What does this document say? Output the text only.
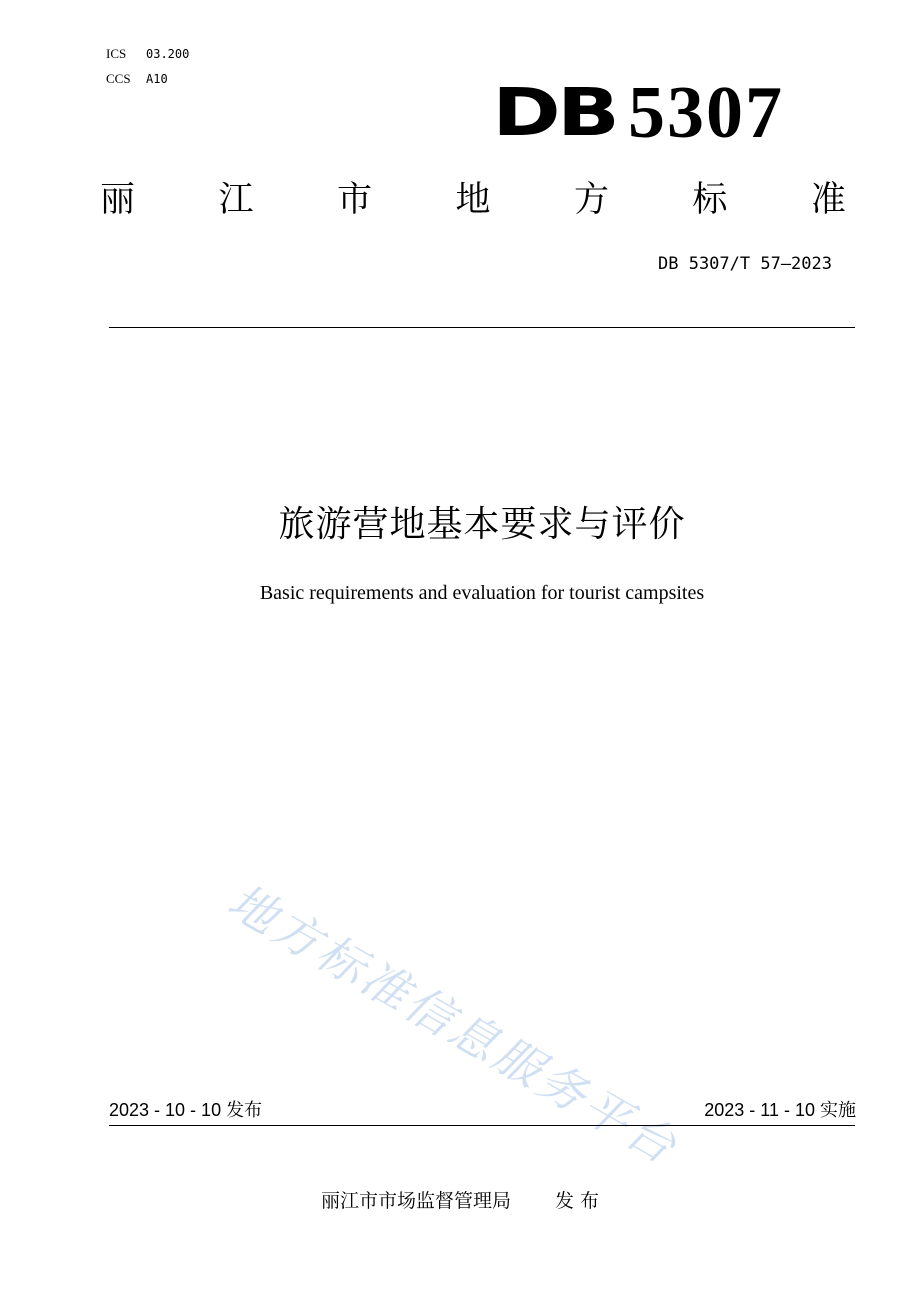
ICS 03.200
CCS A10	DB 5307
丽 江 市 地 方 标 准
DB 5307/T 57—2023
旅游营地基本要求与评价
Basic requirements and evaluation for tourist campsites
地方标准信息服务平台
2023 - 10 - 10 发布	2023 - 11 - 10 实施
丽江市市场监督管理局 发 布
